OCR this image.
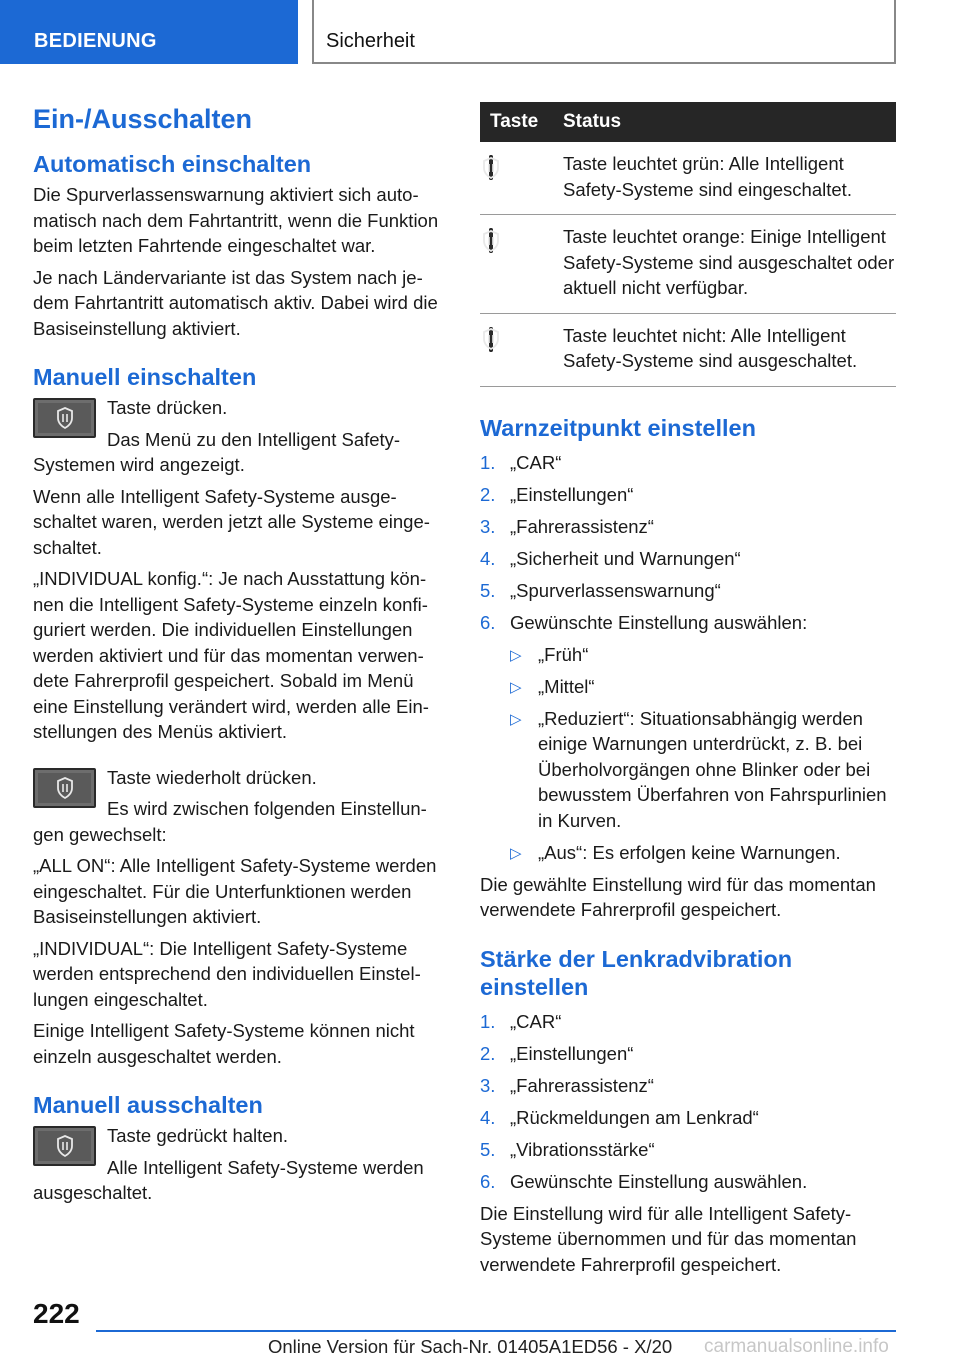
BEDIENUNG	Sicherheit
Ein-/Ausschalten
Automatisch einschalten

Die Spurverlassenswarnung aktiviert sich automatisch nach dem Fahrtantritt, wenn die Funktion beim letzten Fahrtende eingeschaltet war.

Je nach Ländervariante ist das System nach jedem Fahrtantritt automatisch aktiv. Dabei wird die Basiseinstellung aktiviert.

Manuell einschalten

Taste drücken.

Das Menü zu den Intelligent Safety-Systemen wird angezeigt.

Wenn alle Intelligent Safety-Systeme ausgeschaltet waren, werden jetzt alle Systeme eingeschaltet.

„INDIVIDUAL konfig.“: Je nach Ausstattung können die Intelligent Safety-Systeme einzeln konfiguriert werden. Die individuellen Einstellungen werden aktiviert und für das momentan verwendete Fahrerprofil gespeichert. Sobald im Menü eine Einstellung verändert wird, werden alle Einstellungen des Menüs aktiviert.

Taste wiederholt drücken.

Es wird zwischen folgenden Einstellungen gewechselt:

„ALL ON“: Alle Intelligent Safety-Systeme werden eingeschaltet. Für die Unterfunktionen werden Basiseinstellungen aktiviert.

„INDIVIDUAL“: Die Intelligent Safety-Systeme werden entsprechend den individuellen Einstellungen eingeschaltet.

Einige Intelligent Safety-Systeme können nicht einzeln ausgeschaltet werden.

Manuell ausschalten

Taste gedrückt halten.

Alle Intelligent Safety-Systeme werden ausgeschaltet.

Taste	Status

	Taste leuchtet grün: Alle Intelligent Safety-Systeme sind eingeschaltet.

	Taste leuchtet orange: Einige Intelligent Safety-Systeme sind ausgeschaltet oder aktuell nicht verfügbar.

	Taste leuchtet nicht: Alle Intelligent Safety-Systeme sind ausgeschaltet.
Warnzeitpunkt einstellen
1. „CAR“
2. „Einstellungen“
3. „Fahrerassistenz“
4. „Sicherheit und Warnungen“
5. „Spurverlassenswarnung“
6. Gewünschte Einstellung auswählen:
▷ „Früh“
▷ „Mittel“
▷ „Reduziert“: Situationsabhängig werden einige Warnungen unterdrückt, z. B. bei Überholvorgängen ohne Blinker oder bei bewusstem Überfahren von Fahrspurlinien in Kurven.
▷ „Aus“: Es erfolgen keine Warnungen.

Die gewählte Einstellung wird für das momentan verwendete Fahrerprofil gespeichert.

Stärke der Lenkradvibration einstellen
1. „CAR“
2. „Einstellungen“
3. „Fahrerassistenz“
4. „Rückmeldungen am Lenkrad“
5. „Vibrationsstärke“
6. Gewünschte Einstellung auswählen.

Die Einstellung wird für alle Intelligent Safety-Systeme übernommen und für das momentan verwendete Fahrerprofil gespeichert.

222
Online Version für Sach-Nr. 01405A1ED56 - X/20 carmanualsonline.info
